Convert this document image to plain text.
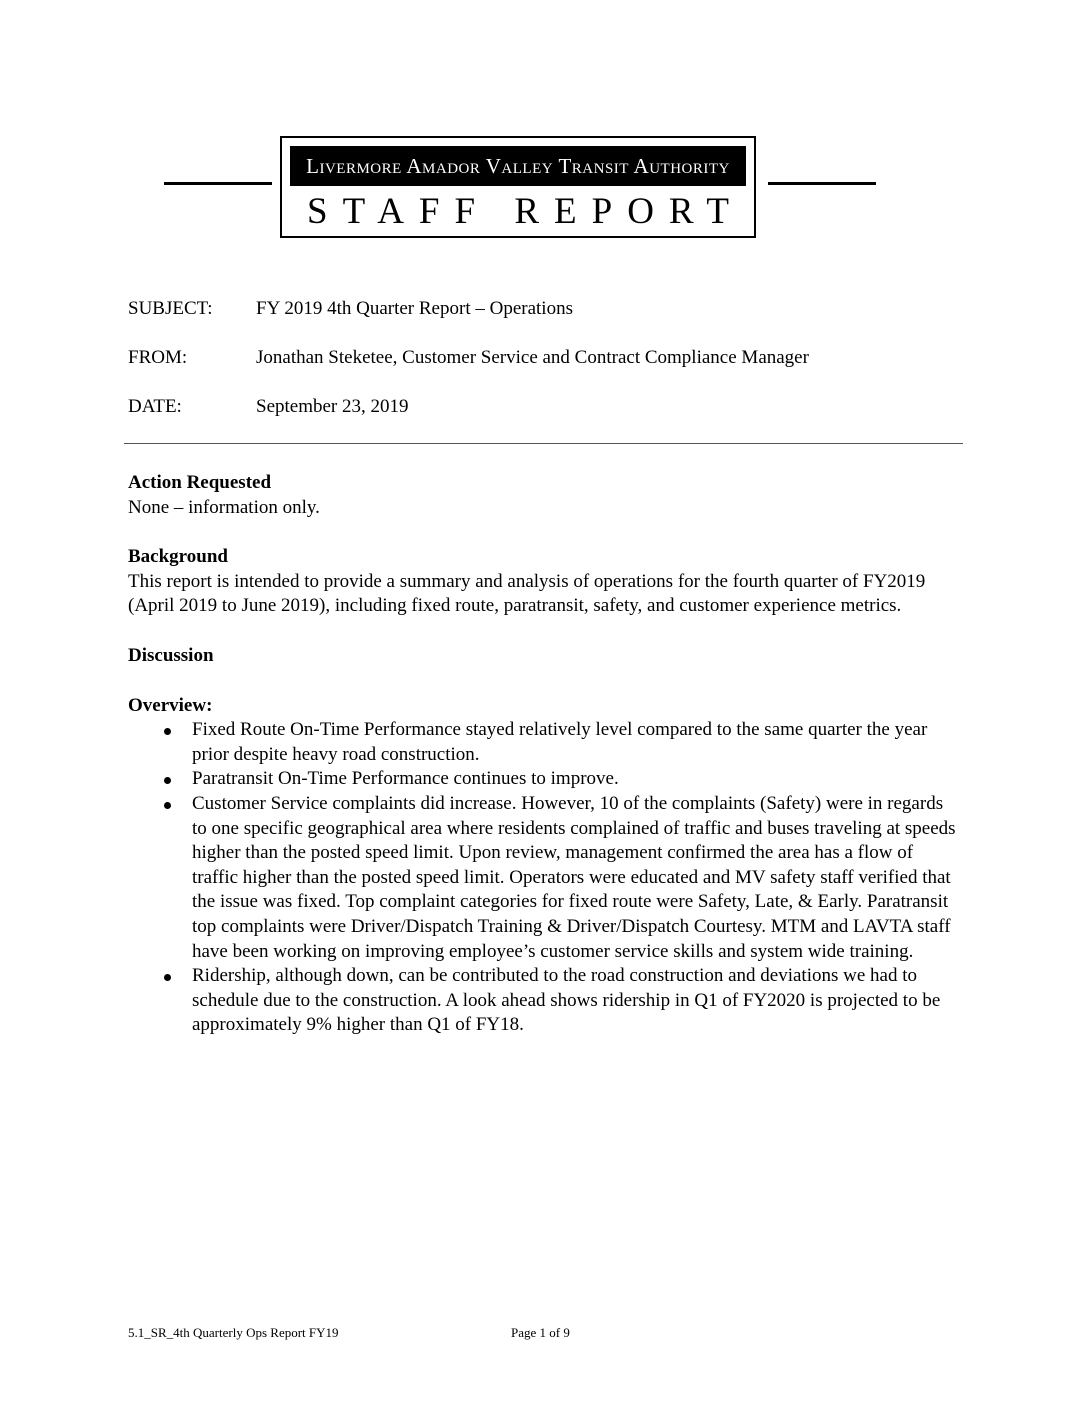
Livermore Amador Valley Transit Authority
STAFF REPORT
SUBJECT:	FY 2019 4th Quarter Report – Operations
FROM:	Jonathan Steketee, Customer Service and Contract Compliance Manager
DATE:	September 23, 2019

Action Requested

None – information only.

Background

This report is intended to provide a summary and analysis of operations for the fourth quarter of FY2019 (April 2019 to June 2019), including fixed route, paratransit, safety, and customer experience metrics.

Discussion

Overview:

Fixed Route On-Time Performance stayed relatively level compared to the same quarter the year prior despite heavy road construction.
Paratransit On-Time Performance continues to improve.
Customer Service complaints did increase. However, 10 of the complaints (Safety) were in regards to one specific geographical area where residents complained of traffic and buses traveling at speeds higher than the posted speed limit. Upon review, management confirmed the area has a flow of traffic higher than the posted speed limit. Operators were educated and MV safety staff verified that the issue was fixed. Top complaint categories for fixed route were Safety, Late, & Early. Paratransit top complaints were Driver/Dispatch Training & Driver/Dispatch Courtesy. MTM and LAVTA staff have been working on improving employee’s customer service skills and system wide training.
Ridership, although down, can be contributed to the road construction and deviations we had to schedule due to the construction. A look ahead shows ridership in Q1 of FY2020 is projected to be approximately 9% higher than Q1 of FY18.
5.1_SR_4th Quarterly Ops Report FY19	Page 1 of 9
